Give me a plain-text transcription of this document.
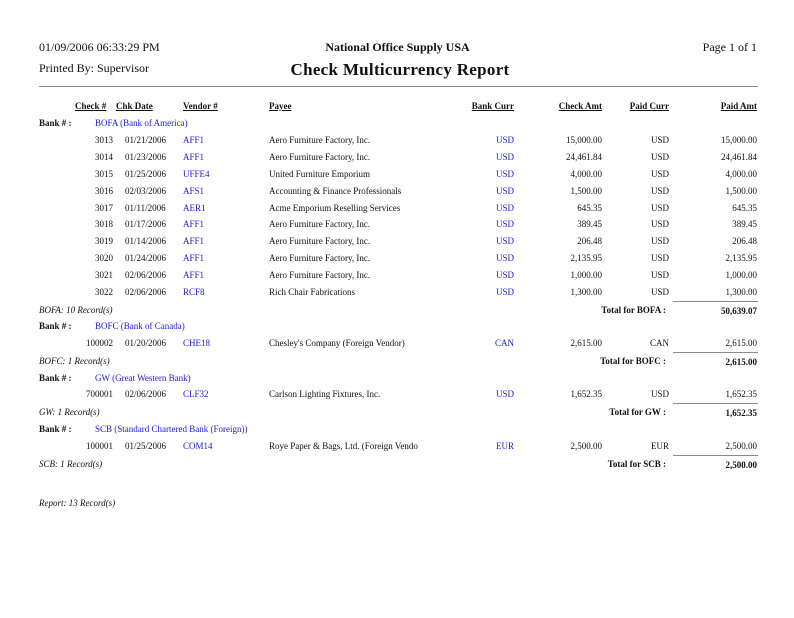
01/09/2006 06:33:29 PM
Printed By: Supervisor
National Office Supply USA
Check Multicurrency Report
Page 1 of 1
Check # Chk Date	Vendor #	Payee	Bank Curr	Check Amt	Paid Curr	Paid Amt
Bank # :	BOFA (Bank of America)
3013 01/21/2006 AFF1	Aero Furniture Factory, Inc.	USD	15,000.00	USD	15,000.00
3014 01/23/2006 AFF1	Aero Furniture Factory, Inc.	USD	24,461.84	USD	24,461.84
3015 01/25/2006 UFFE4	United Furniture Emporium	USD	4,000.00	USD	4,000.00
3016 02/03/2006 AFS1	Accounting & Finance Professionals	USD	1,500.00	USD	1,500.00
3017 01/11/2006 AER1	Acme Emporium Reselling Services	USD	645.35	USD	645.35
3018 01/17/2006 AFF1	Aero Furniture Factory, Inc.	USD	389.45	USD	389.45
3019 01/14/2006 AFF1	Aero Furniture Factory, Inc.	USD	206.48	USD	206.48
3020 01/24/2006 AFF1	Aero Furniture Factory, Inc.	USD	2,135.95	USD	2,135.95
3021 02/06/2006 AFF1	Aero Furniture Factory, Inc.	USD	1,000.00	USD	1,000.00
3022 02/06/2006 RCF8	Rich Chair Fabrications	USD	1,300.00	USD	1,300.00
BOFA: 10 Record(s)	Total for BOFA :	50,639.07
Bank # :	BOFC (Bank of Canada)
100002 01/20/2006 CHE18	Chesley's Company (Foreign Vendor)	CAN	2,615.00	CAN	2,615.00
BOFC: 1 Record(s)	Total for BOFC :	2,615.00
Bank # :	GW (Great Western Bank)
700001 02/06/2006 CLF32	Carlson Lighting Fixtures, Inc.	USD	1,652.35	USD	1,652.35
GW: 1 Record(s)	Total for GW :	1,652.35
Bank # :	SCB (Standard Chartered Bank (Foreign))
100001 01/25/2006 COM14	Roye Paper & Bags, Ltd. (Foreign Vendo	EUR	2,500.00	EUR	2,500.00
SCB: 1 Record(s)	Total for SCB :	2,500.00
Report: 13 Record(s)
